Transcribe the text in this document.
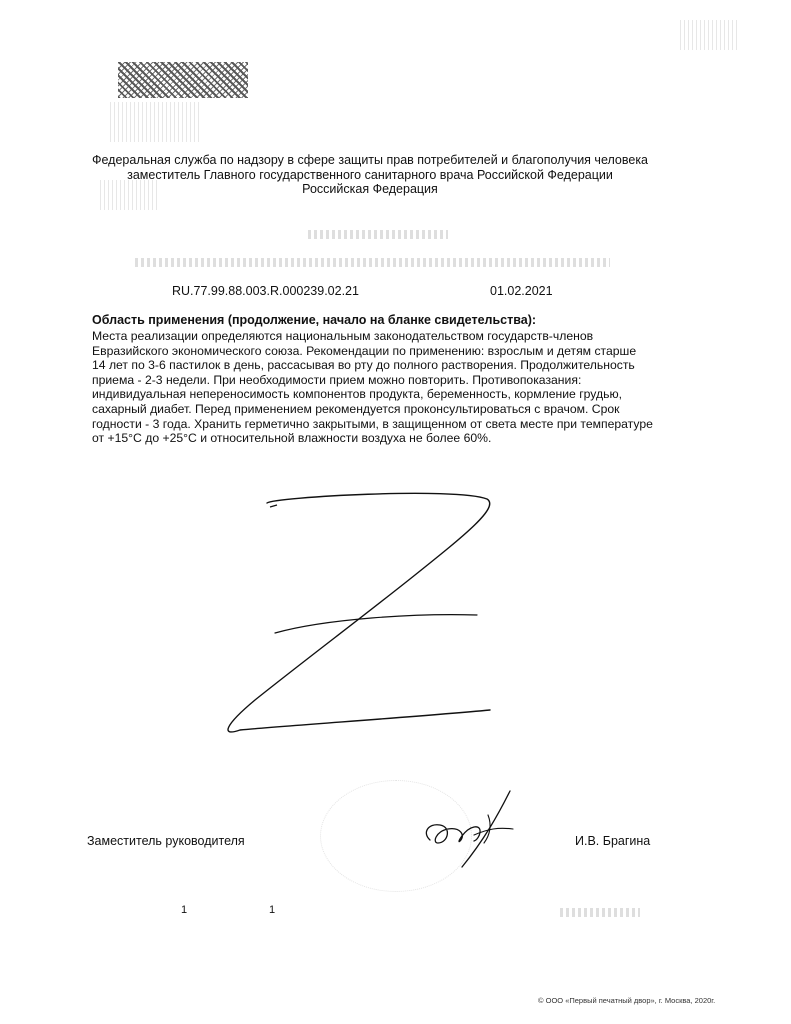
Федеральная служба по надзору в сфере защиты прав потребителей и благополучия человека
заместитель Главного государственного санитарного врача Российской Федерации
Российская Федерация
RU.77.99.88.003.R.000239.02.21	01.02.2021
Область применения (продолжение, начало на бланке свидетельства):
Места реализации определяются национальным законодательством государств-членов
Евразийского экономического союза. Рекомендации по применению: взрослым и детям старше
14 лет по 3-6 пастилок в день, рассасывая во рту до полного растворения. Продолжительность
приема - 2-3 недели. При необходимости прием можно повторить. Противопоказания:
индивидуальная непереносимость компонентов продукта, беременность, кормление грудью,
сахарный диабет. Перед применением рекомендуется проконсультироваться с врачом. Срок
годности - 3 года. Хранить герметично закрытыми, в защищенном от света месте при температуре
от +15°С до +25°С и относительной влажности воздуха не более 60%.
Заместитель руководителя	И.В. Брагина
1	1
© ООО «Первый печатный двор», г. Москва, 2020г.
